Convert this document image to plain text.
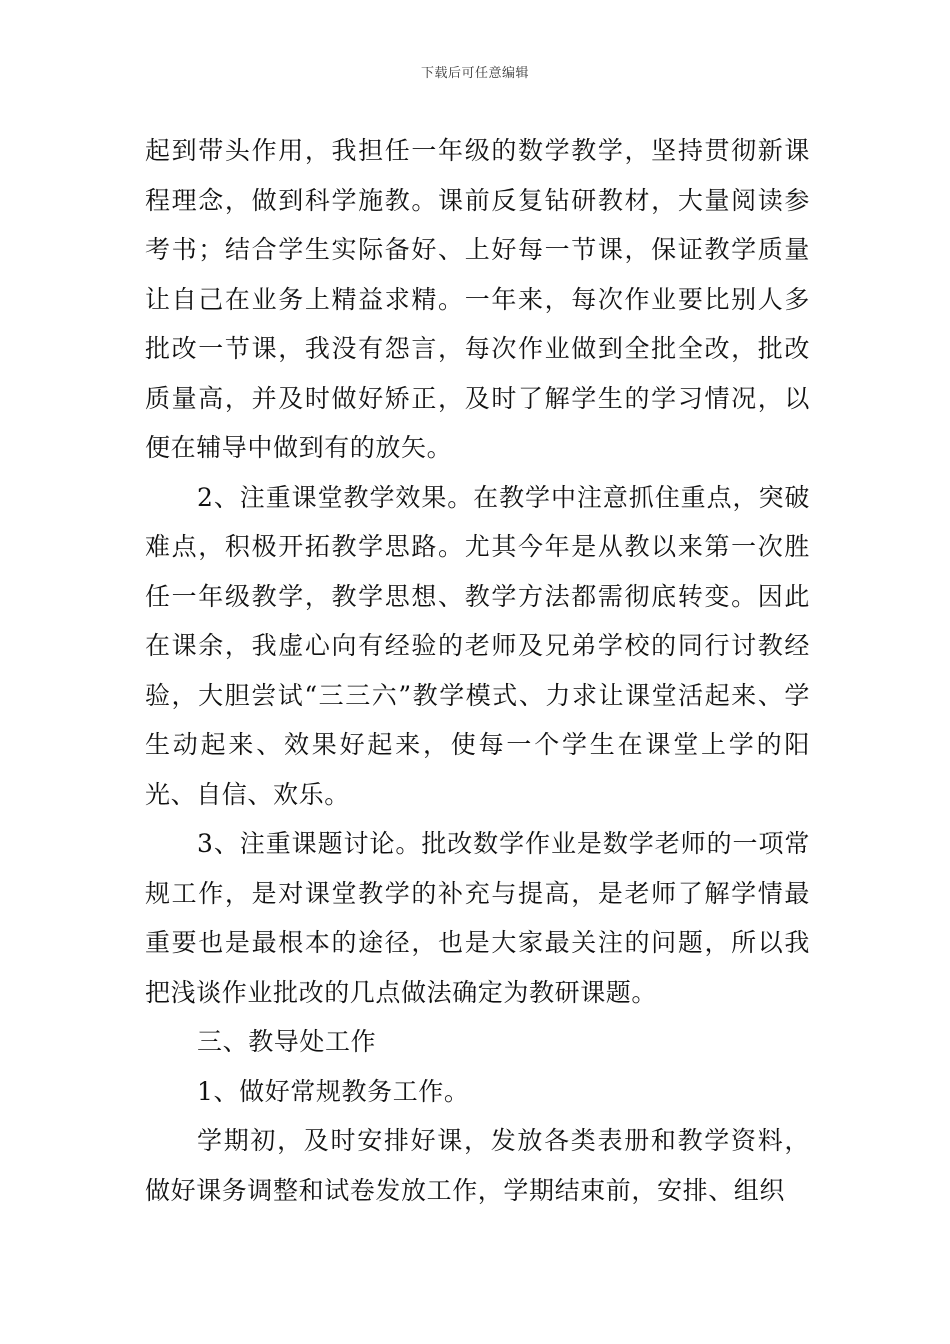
下载后可任意编辑

起到带头作用，我担任一年级的数学教学，坚持贯彻新课程理念，做到科学施教。课前反复钻研教材，大量阅读参考书；结合学生实际备好、上好每一节课，保证教学质量让自己在业务上精益求精。一年来，每次作业要比别人多批改一节课，我没有怨言，每次作业做到全批全改，批改质量高，并及时做好矫正，及时了解学生的学习情况，以便在辅导中做到有的放矢。

2、注重课堂教学效果。在教学中注意抓住重点，突破难点，积极开拓教学思路。尤其今年是从教以来第一次胜任一年级教学，教学思想、教学方法都需彻底转变。因此在课余，我虚心向有经验的老师及兄弟学校的同行讨教经验，大胆尝试“三三六”教学模式、力求让课堂活起来、学生动起来、效果好起来，使每一个学生在课堂上学的阳光、自信、欢乐。

3、注重课题讨论。批改数学作业是数学老师的一项常规工作，是对课堂教学的补充与提高，是老师了解学情最重要也是最根本的途径，也是大家最关注的问题，所以我把浅谈作业批改的几点做法确定为教研课题。

三、教导处工作

1、做好常规教务工作。

学期初，及时安排好课，发放各类表册和教学资料，做好课务调整和试卷发放工作，学期结束前，安排、组织
